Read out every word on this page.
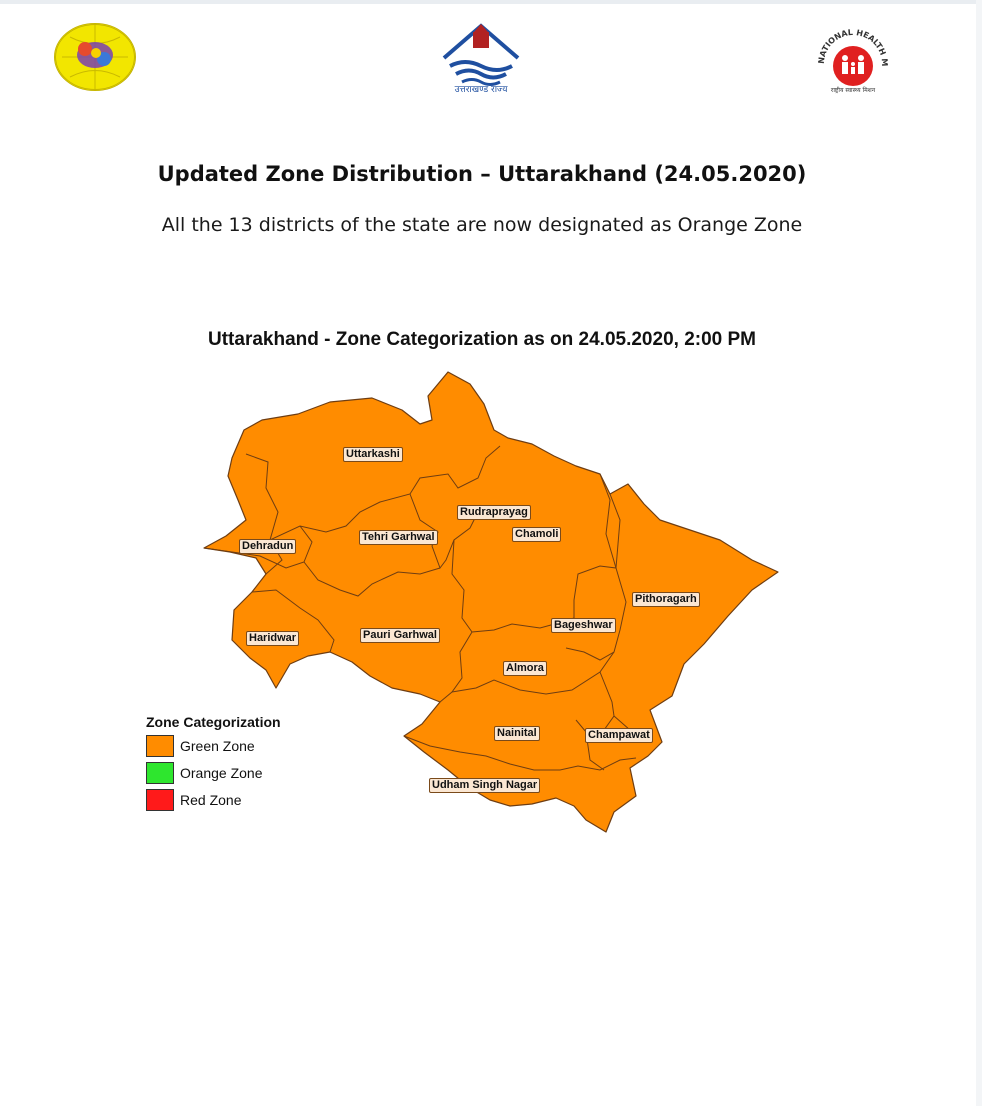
उत्तराखण्ड राज्य
NATIONAL HEALTH M
राष्ट्रीय स्वास्थ्य मिशन
Updated Zone Distribution – Uttarakhand (24.05.2020)
All the 13 districts of the state are now designated as Orange Zone
Uttarakhand - Zone Categorization as on 24.05.2020, 2:00 PM
Uttarkashi
Rudraprayag
Chamoli
Dehradun
Tehri Garhwal
Pithoragarh
Bageshwar
Haridwar	Pauri Garhwal
Almora
Nainital	Champawat
Udham Singh Nagar
Zone Categorization
Green Zone
Orange Zone
Red Zone
